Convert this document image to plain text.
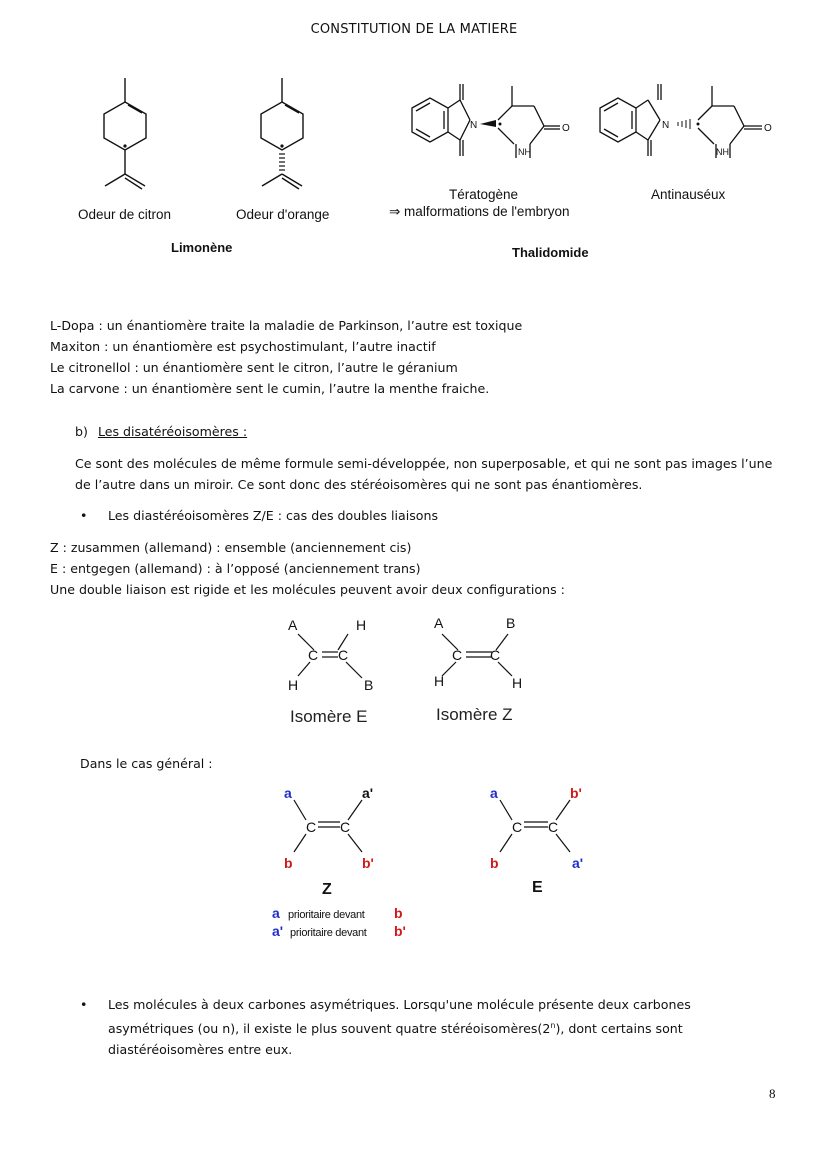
CONSTITUTION DE LA MATIERE
Odeur de citron	Odeur d'orange
Limonène
N	N
NH	NH
O	O
Tératogène
⇒ malformations de l'embryon
Antinauséux
Thalidomide
L-Dopa : un énantiomère traite la maladie de Parkinson, l’autre est toxique
Maxiton : un énantiomère est psychostimulant, l’autre inactif
Le citronellol : un énantiomère sent le citron, l’autre le géranium
La carvone : un énantiomère sent le cumin, l’autre la menthe fraiche.
b) Les disatéréoisomères :
Ce sont des molécules de même formule semi-développée, non superposable, et qui ne sont pas images l’une
de l’autre dans un miroir. Ce sont donc des stéréoisomères qui ne sont pas énantiomères.
• Les diastéréoisomères Z/E : cas des doubles liaisons
Z : zusammen (allemand) : ensemble (anciennement cis)
E : entgegen (allemand) : à l’opposé (anciennement trans)
Une double liaison est rigide et les molécules peuvent avoir deux configurations :
A	H
C C
H	B
A	B
C C
H	H
Isomère E	Isomère Z
Dans le cas général :
a	a'
b	b'
a	b'
b	a'
C C	C C
Z	E
a prioritaire devant b
a' prioritaire devant b'
•	Les molécules à deux carbones asymétriques. Lorsqu'une molécule présente deux carbones
asymétriques (ou n), il existe le plus souvent quatre stéréoisomères(2$^n$), dont certains sont
diastéréoisomères entre eux.
8
